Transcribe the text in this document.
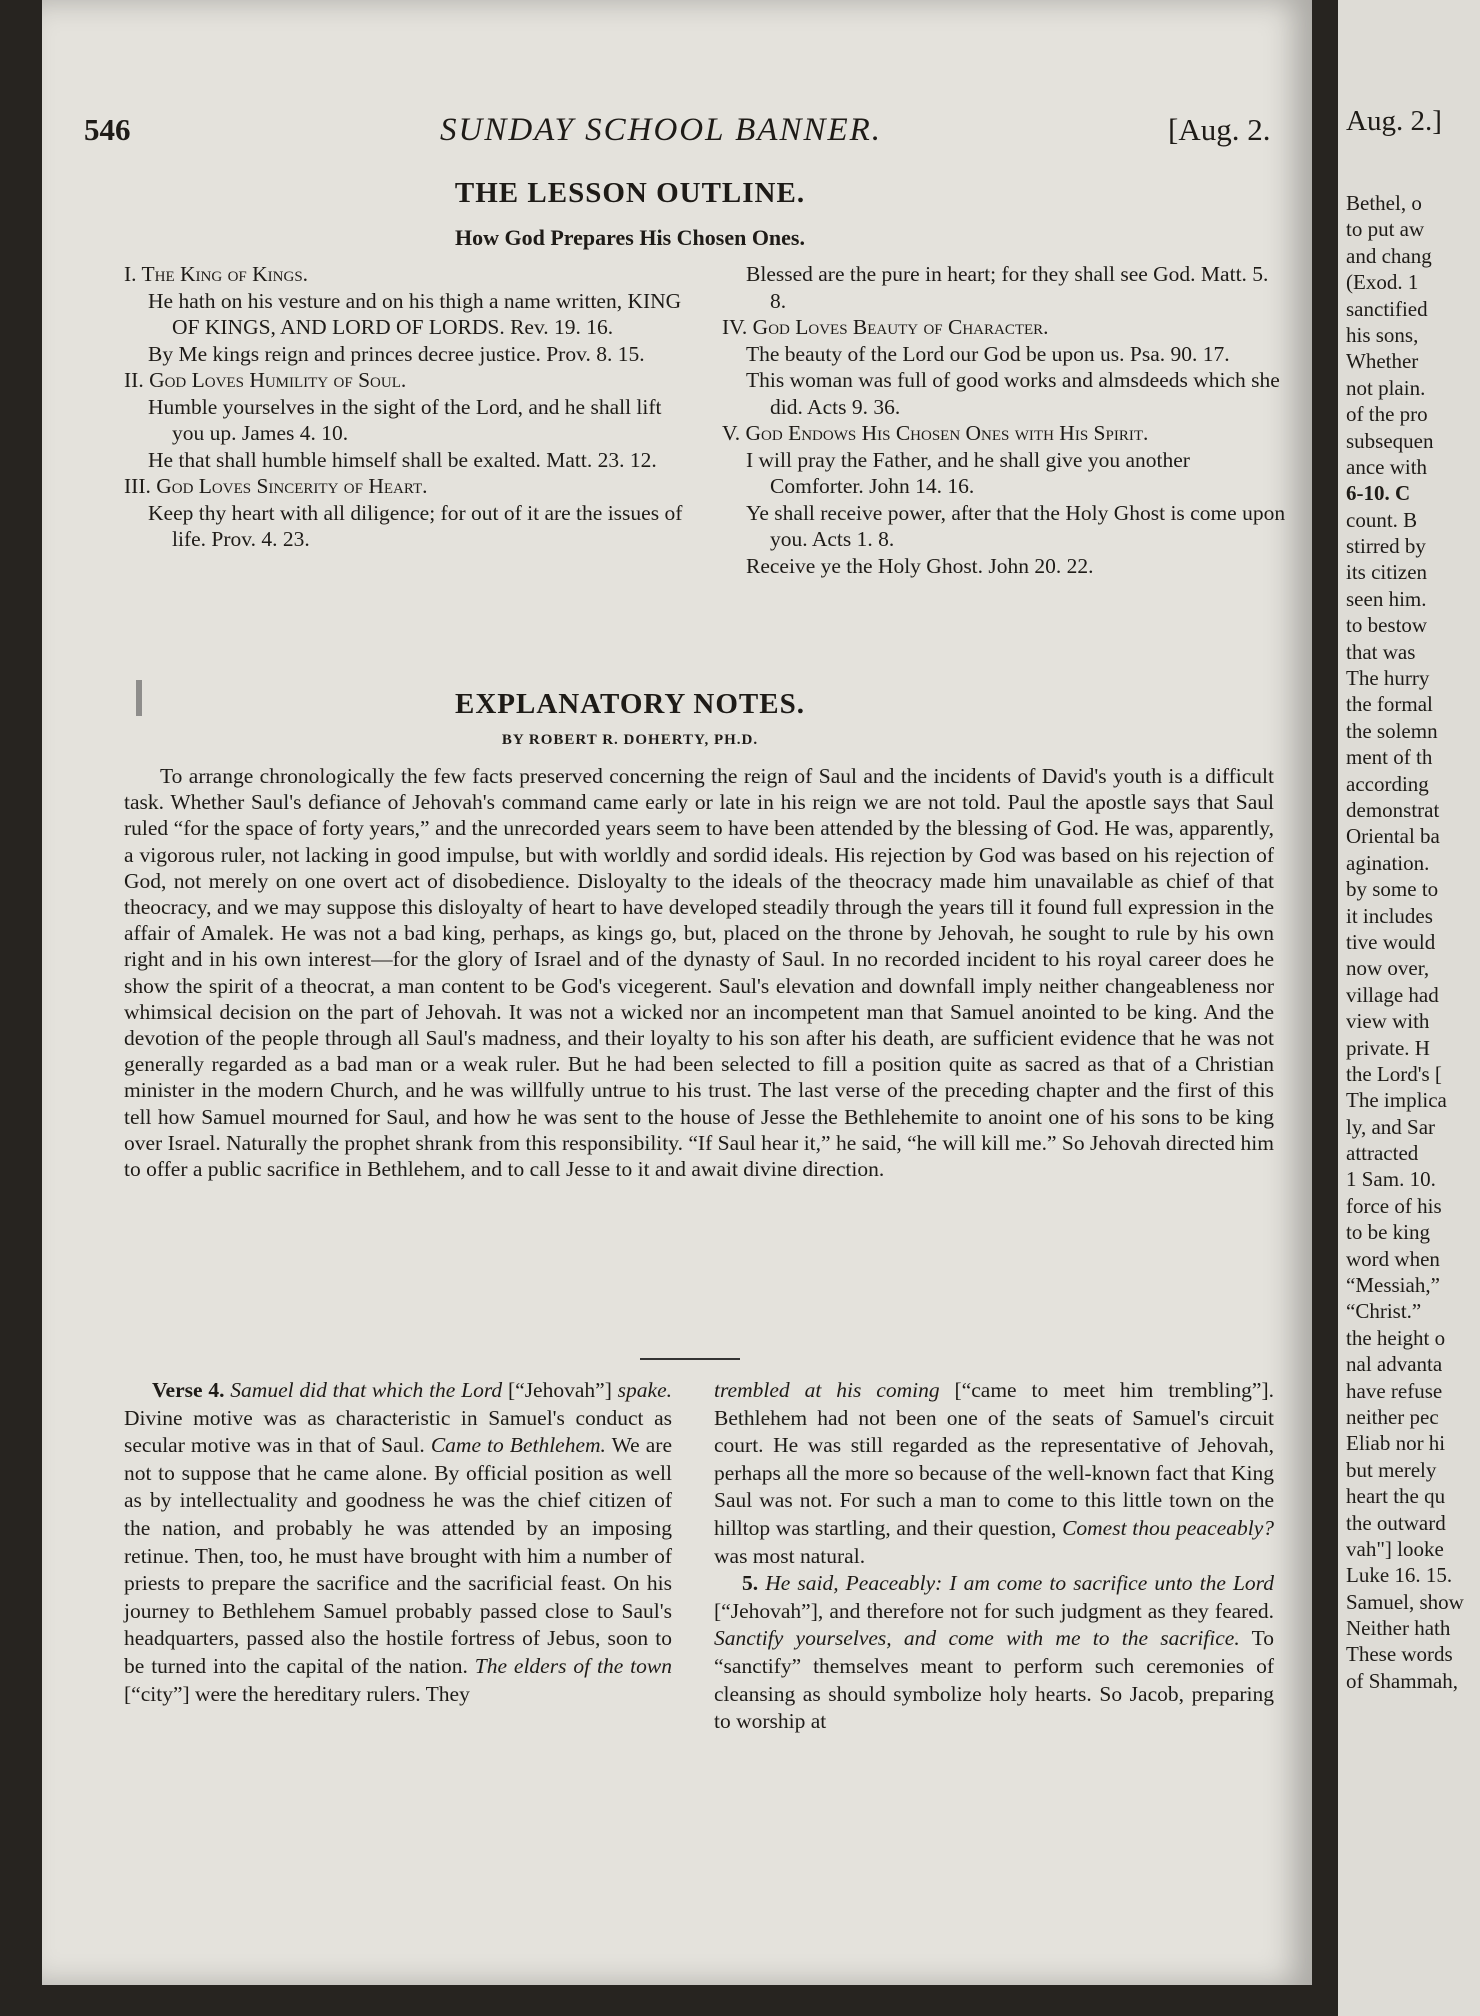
546	SUNDAY SCHOOL BANNER.	[Aug. 2.
THE LESSON OUTLINE.
How God Prepares His Chosen Ones.
I. The King of Kings.
He hath on his vesture and on his thigh a name written, KING OF KINGS, AND LORD OF LORDS. Rev. 19. 16.
By Me kings reign and princes decree justice. Prov. 8. 15.
II. God Loves Humility of Soul.
Humble yourselves in the sight of the Lord, and he shall lift you up. James 4. 10.
He that shall humble himself shall be exalted. Matt. 23. 12.
III. God Loves Sincerity of Heart.
Keep thy heart with all diligence; for out of it are the issues of life. Prov. 4. 23.
Blessed are the pure in heart; for they shall see God. Matt. 5. 8.
IV. God Loves Beauty of Character.
The beauty of the Lord our God be upon us. Psa. 90. 17.
This woman was full of good works and almsdeeds which she did. Acts 9. 36.
V. God Endows His Chosen Ones with His Spirit.
I will pray the Father, and he shall give you another Comforter. John 14. 16.
Ye shall receive power, after that the Holy Ghost is come upon you. Acts 1. 8.
Receive ye the Holy Ghost. John 20. 22.
EXPLANATORY NOTES.
BY ROBERT R. DOHERTY, PH.D.
To arrange chronologically the few facts preserved concerning the reign of Saul and the incidents of David's youth is a difficult task. Whether Saul's defiance of Jehovah's command came early or late in his reign we are not told. Paul the apostle says that Saul ruled “for the space of forty years,” and the unrecorded years seem to have been attended by the blessing of God. He was, apparently, a vigorous ruler, not lacking in good impulse, but with worldly and sordid ideals. His rejection by God was based on his rejection of God, not merely on one overt act of disobedience. Disloyalty to the ideals of the theocracy made him unavailable as chief of that theocracy, and we may suppose this disloyalty of heart to have developed steadily through the years till it found full expression in the affair of Amalek. He was not a bad king, perhaps, as kings go, but, placed on the throne by Jehovah, he sought to rule by his own right and in his own interest—for the glory of Israel and of the dynasty of Saul. In no recorded incident to his royal career does he show the spirit of a theocrat, a man content to be God's vicegerent. Saul's elevation and downfall imply neither changeableness nor whimsical decision on the part of Jehovah. It was not a wicked nor an incompetent man that Samuel anointed to be king. And the devotion of the people through all Saul's madness, and their loyalty to his son after his death, are sufficient evidence that he was not generally regarded as a bad man or a weak ruler. But he had been selected to fill a position quite as sacred as that of a Christian minister in the modern Church, and he was willfully untrue to his trust. The last verse of the preceding chapter and the first of this tell how Samuel mourned for Saul, and how he was sent to the house of Jesse the Bethlehemite to anoint one of his sons to be king over Israel. Naturally the prophet shrank from this responsibility. “If Saul hear it,” he said, “he will kill me.” So Jehovah directed him to offer a public sacrifice in Bethlehem, and to call Jesse to it and await divine direction.

Verse 4. Samuel did that which the Lord [“Jehovah”] spake. Divine motive was as characteristic in Samuel's conduct as secular motive was in that of Saul. Came to Bethlehem. We are not to suppose that he came alone. By official position as well as by intellectuality and goodness he was the chief citizen of the nation, and probably he was attended by an imposing retinue. Then, too, he must have brought with him a number of priests to prepare the sacrifice and the sacrificial feast. On his journey to Bethlehem Samuel probably passed close to Saul's headquarters, passed also the hostile fortress of Jebus, soon to be turned into the capital of the nation. The elders of the town [“city”] were the hereditary rulers. They

trembled at his coming [“came to meet him trembling”]. Bethlehem had not been one of the seats of Samuel's circuit court. He was still regarded as the representative of Jehovah, perhaps all the more so because of the well-known fact that King Saul was not. For such a man to come to this little town on the hilltop was startling, and their question, Comest thou peaceably? was most natural.

5. He said, Peaceably: I am come to sacrifice unto the Lord [“Jehovah”], and therefore not for such judgment as they feared. Sanctify yourselves, and come with me to the sacrifice. To “sanctify” themselves meant to perform such ceremonies of cleansing as should symbolize holy hearts. So Jacob, preparing to worship at

Aug. 2.]
Bethel, o
to put aw
and chang
(Exod. 1
sanctified
his sons,
Whether
not plain.
of the pro
subsequen
ance with
6-10. C
count. B
stirred by
its citizen
seen him.
to bestow
that was
The hurry
the formal
the solemn
ment of th
according
demonstrat
Oriental ba
agination.
by some to
it includes
tive would
now over,
village had
view with
private. H
the Lord's [
The implica
ly, and Sar
attracted
1 Sam. 10.
force of his
to be king
word when
“Messiah,”
“Christ.”
the height o
nal advanta
have refuse
neither pec
Eliab nor hi
but merely
heart the qu
the outward
vah"] looke
Luke 16. 15.
Samuel, show
Neither hath
These words
of Shammah,
